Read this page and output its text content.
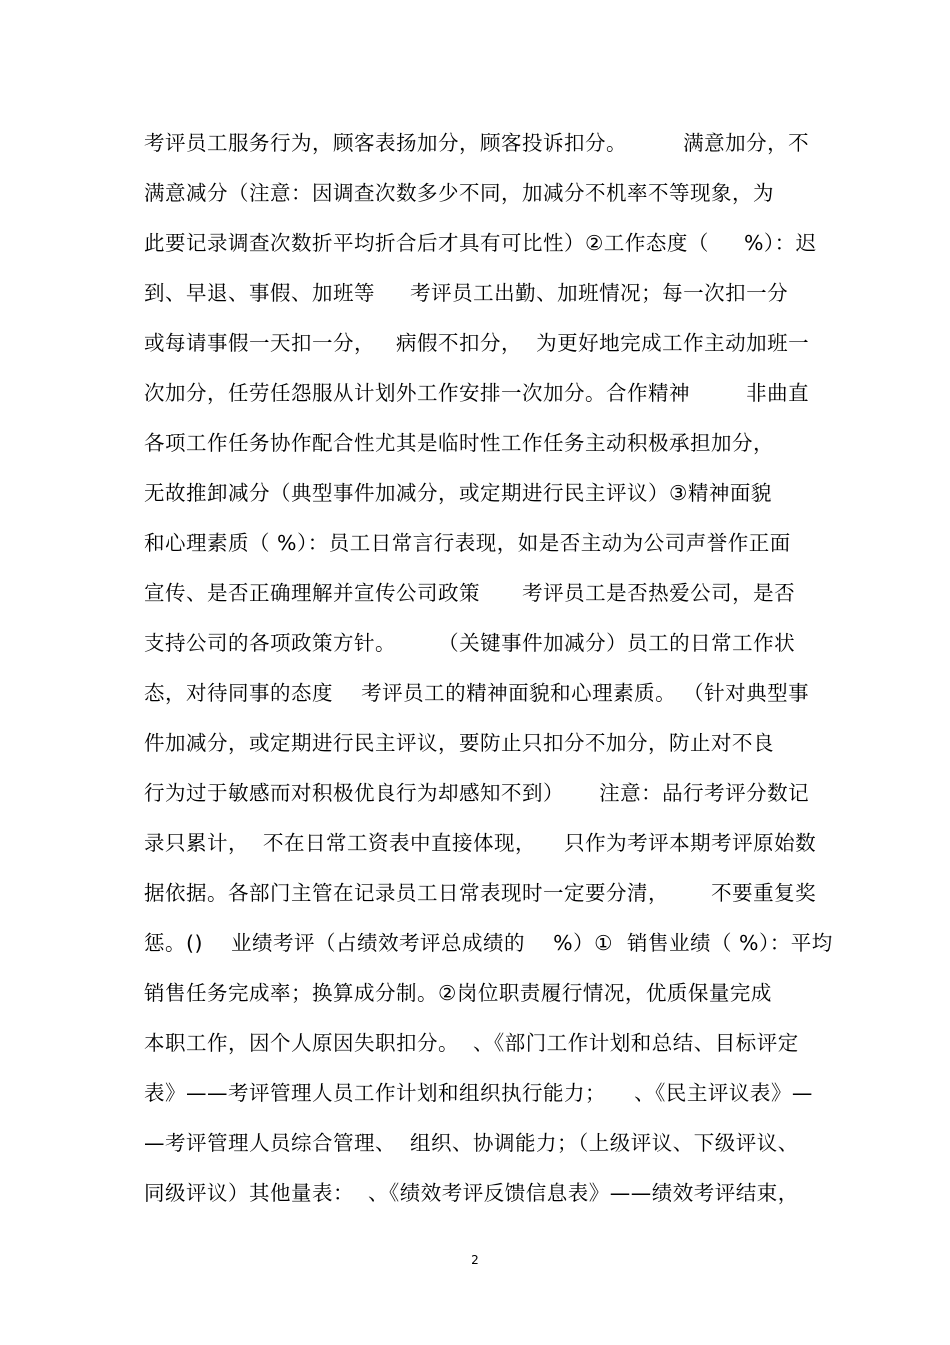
考评员工服务行为，顾客表扬加分，顾客投诉扣分。        满意加分，不
满意减分（注意：因调查次数多少不同，加减分不机率不等现象，为
此要记录调查次数折平均折合后才具有可比性）②工作态度（     %）：迟
到、早退、事假、加班等     考评员工出勤、加班情况；每一次扣一分
或每请事假一天扣一分，   病假不扣分，  为更好地完成工作主动加班一
次加分，任劳任怨服从计划外工作安排一次加分。合作精神        非曲直
各项工作任务协作配合性尤其是临时性工作任务主动积极承担加分，
无故推卸减分（典型事件加减分，或定期进行民主评议）③精神面貌
和心理素质（ %）：员工日常言行表现，如是否主动为公司声誉作正面
宣传、是否正确理解并宣传公司政策      考评员工是否热爱公司，是否
支持公司的各项政策方针。      （关键事件加减分）员工的日常工作状
态，对待同事的态度    考评员工的精神面貌和心理素质。 （针对典型事
件加减分，或定期进行民主评议，要防止只扣分不加分，防止对不良
行为过于敏感而对积极优良行为却感知不到）     注意：品行考评分数记
录只累计，  不在日常工资表中直接体现，    只作为考评本期考评原始数
据依据。各部门主管在记录员工日常表现时一定要分清，      不要重复奖
惩。()    业绩考评（占绩效考评总成绩的    %）①  销售业绩（ %）：平均
销售任务完成率；换算成分制。②岗位职责履行情况，优质保量完成
本职工作，因个人原因失职扣分。  、《部门工作计划和总结、目标评定
表》——考评管理人员工作计划和组织执行能力；    、《民主评议表》—
—考评管理人员综合管理、  组织、协调能力；（上级评议、下级评议、
同级评议）其他量表：  、《绩效考评反馈信息表》——绩效考评结束，
2
